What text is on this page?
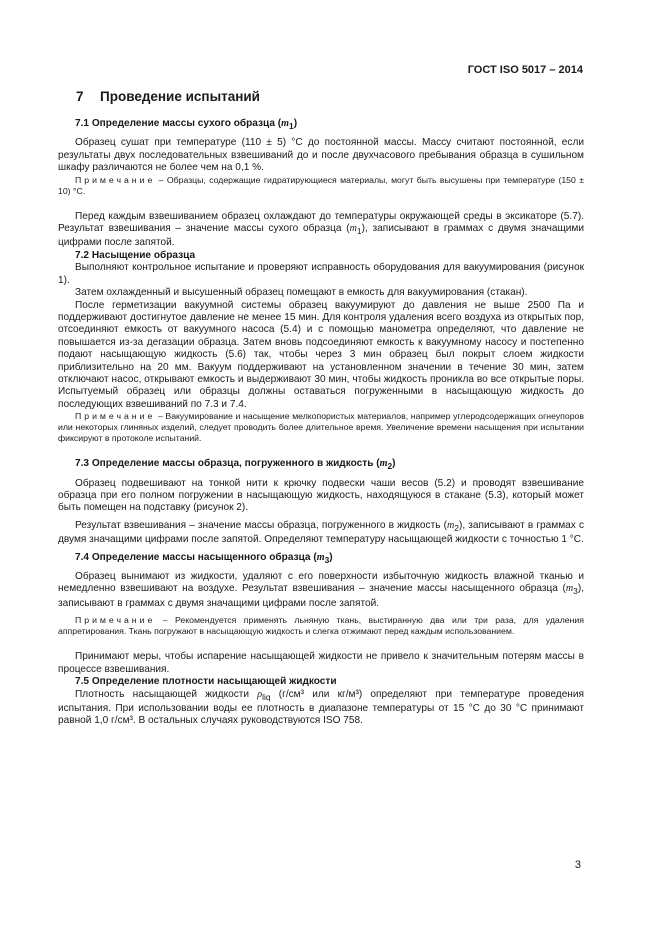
ГОСТ ISO 5017 – 2014
7 Проведение испытаний

7.1 Определение массы сухого образца $(m_1)$

Образец сушат при температуре (110 ± 5) °С до постоянной массы. Массу считают постоянной, если результаты двух последовательных взвешиваний до и после двухчасового пребывания образца в сушильном шкафу различаются не более чем на 0,1 %.

Примечание – Образцы, содержащие гидратирующиеся материалы, могут быть высушены при температуре (150 ± 10) °С.

Перед каждым взвешиванием образец охлаждают до температуры окружающей среды в эксикаторе (5.7). Результат взвешивания – значение массы сухого образца $(m_1)$, записывают в граммах с двумя значащими цифрами после запятой.

7.2 Насыщение образца

Выполняют контрольное испытание и проверяют исправность оборудования для вакуумирования (рисунок 1).

Затем охлажденный и высушенный образец помещают в емкость для вакуумирования (стакан).

После герметизации вакуумной системы образец вакуумируют до давления не выше 2500 Па и поддерживают достигнутое давление не менее 15 мин. Для контроля удаления всего воздуха из открытых пор, отсоединяют емкость от вакуумного насоса (5.4) и с помощью манометра определяют, что давление не повышается из-за дегазации образца. Затем вновь подсоединяют емкость к вакуумному насосу и постепенно подают насыщающую жидкость (5.6) так, чтобы через 3 мин образец был покрыт слоем жидкости приблизительно на 20 мм. Вакуум поддерживают на установленном значении в течение 30 мин, затем отключают насос, открывают емкость и выдерживают 30 мин, чтобы жидкость проникла во все открытые поры. Испытуемый образец или образцы должны оставаться погруженными в насыщающую жидкость до последующих взвешиваний по 7.3 и 7.4.

Примечание – Вакуумирование и насыщение мелкопористых материалов, например углеродсодержащих огнеупоров или некоторых глиняных изделий, следует проводить более длительное время. Увеличение времени насыщения при испытании фиксируют в протоколе испытаний.

7.3 Определение массы образца, погруженного в жидкость $(m_2)$

Образец подвешивают на тонкой нити к крючку подвески чаши весов (5.2) и проводят взвешивание образца при его полном погружении в насыщающую жидкость, находящуюся в стакане (5.3), который может быть помещен на подставку (рисунок 2).

Результат взвешивания – значение массы образца, погруженного в жидкость $(m_2)$, записывают в граммах с двумя значащими цифрами после запятой. Определяют температуру насыщающей жидкости с точностью 1 °С.

7.4 Определение массы насыщенного образца $(m_3)$

Образец вынимают из жидкости, удаляют с его поверхности избыточную жидкость влажной тканью и немедленно взвешивают на воздухе. Результат взвешивания – значение массы насыщенного образца $(m_3)$, записывают в граммах с двумя значащими цифрами после запятой.

Примечание – Рекомендуется применять льняную ткань, выстиранную два или три раза, для удаления аппретирования. Ткань погружают в насыщающую жидкость и слегка отжимают перед каждым использованием.

Принимают меры, чтобы испарение насыщающей жидкости не привело к значительным потерям массы в процессе взвешивания.

7.5 Определение плотности насыщающей жидкости

Плотность насыщающей жидкости $\rho_{liq}$ (г/см³ или кг/м³) определяют при температуре проведения испытания. При использовании воды ее плотность в диапазоне температуры от 15 °С до 30 °С принимают равной 1,0 г/см³. В остальных случаях руководствуются ISO 758.

3
